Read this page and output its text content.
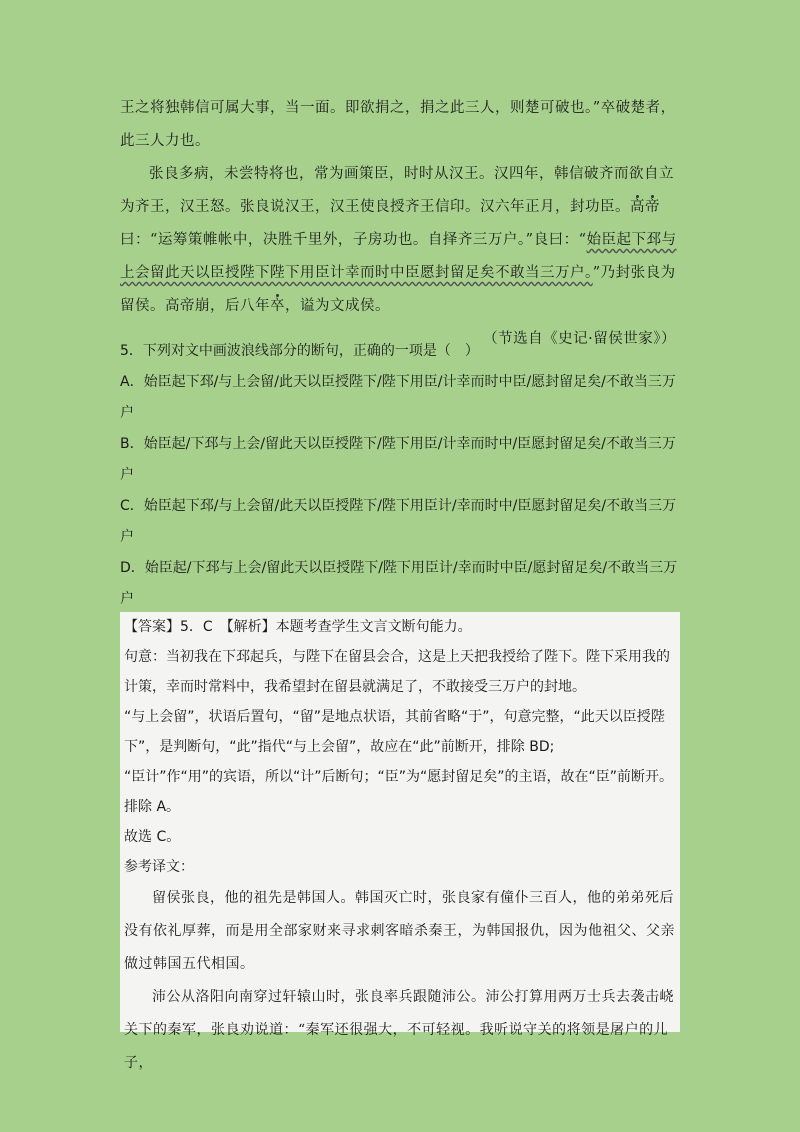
王之将独韩信可属大事，当一面。即欲捐之，捐之此三人，则楚可破也。”卒破楚者，此三人力也。

张良多病，未尝特将也，常为画策臣，时时从汉王。汉四年，韩信破齐而欲自立为齐王，汉王怒。张良说汉王，汉王使良授齐王信印。汉六年正月，封功臣。高帝曰：“运筹策帷帐中，决胜千里外，子房功也。自择齐三万户。”良曰：“始臣起下邳与上会留此天以臣授陛下陛下用臣计幸而时中臣愿封留足矣不敢当三万户。”乃封张良为留侯。高帝崩，后八年卒，谥为文成侯。

（节选自《史记·留侯世家》）

5．下列对文中画波浪线部分的断句，正确的一项是（　）

A．始臣起下邳/与上会留/此天以臣授陛下/陛下用臣/计幸而时中臣/愿封留足矣/不敢当三万户

B．始臣起/下邳与上会/留此天以臣授陛下/陛下用臣/计幸而时中/臣愿封留足矣/不敢当三万户

C．始臣起下邳/与上会留/此天以臣授陛下/陛下用臣计/幸而时中/臣愿封留足矣/不敢当三万户

D．始臣起/下邳与上会/留此天以臣授陛下/陛下用臣计/幸而时中臣/愿封留足矣/不敢当三万户

【答案】5．C　【解析】本题考查学生文言文断句能力。

句意：当初我在下邳起兵，与陛下在留县会合，这是上天把我授给了陛下。陛下采用我的计策，幸而时常料中，我希望封在留县就满足了，不敢接受三万户的封地。

“与上会留”，状语后置句，“留”是地点状语，其前省略“于”，句意完整，“此天以臣授陛下”，是判断句，“此”指代“与上会留”，故应在“此”前断开，排除 BD;

“臣计”作“用”的宾语，所以“计”后断句；“臣”为“愿封留足矣”的主语，故在“臣”前断开。排除 A。

故选 C。

参考译文：

留侯张良，他的祖先是韩国人。韩国灭亡时，张良家有僮仆三百人，他的弟弟死后没有依礼厚葬，而是用全部家财来寻求刺客暗杀秦王，为韩国报仇，因为他祖父、父亲做过韩国五代相国。

沛公从洛阳向南穿过轩辕山时，张良率兵跟随沛公。沛公打算用两万士兵去袭击峣关下的秦军，张良劝说道：“秦军还很强大，不可轻视。我听说守关的将领是屠户的儿子，
